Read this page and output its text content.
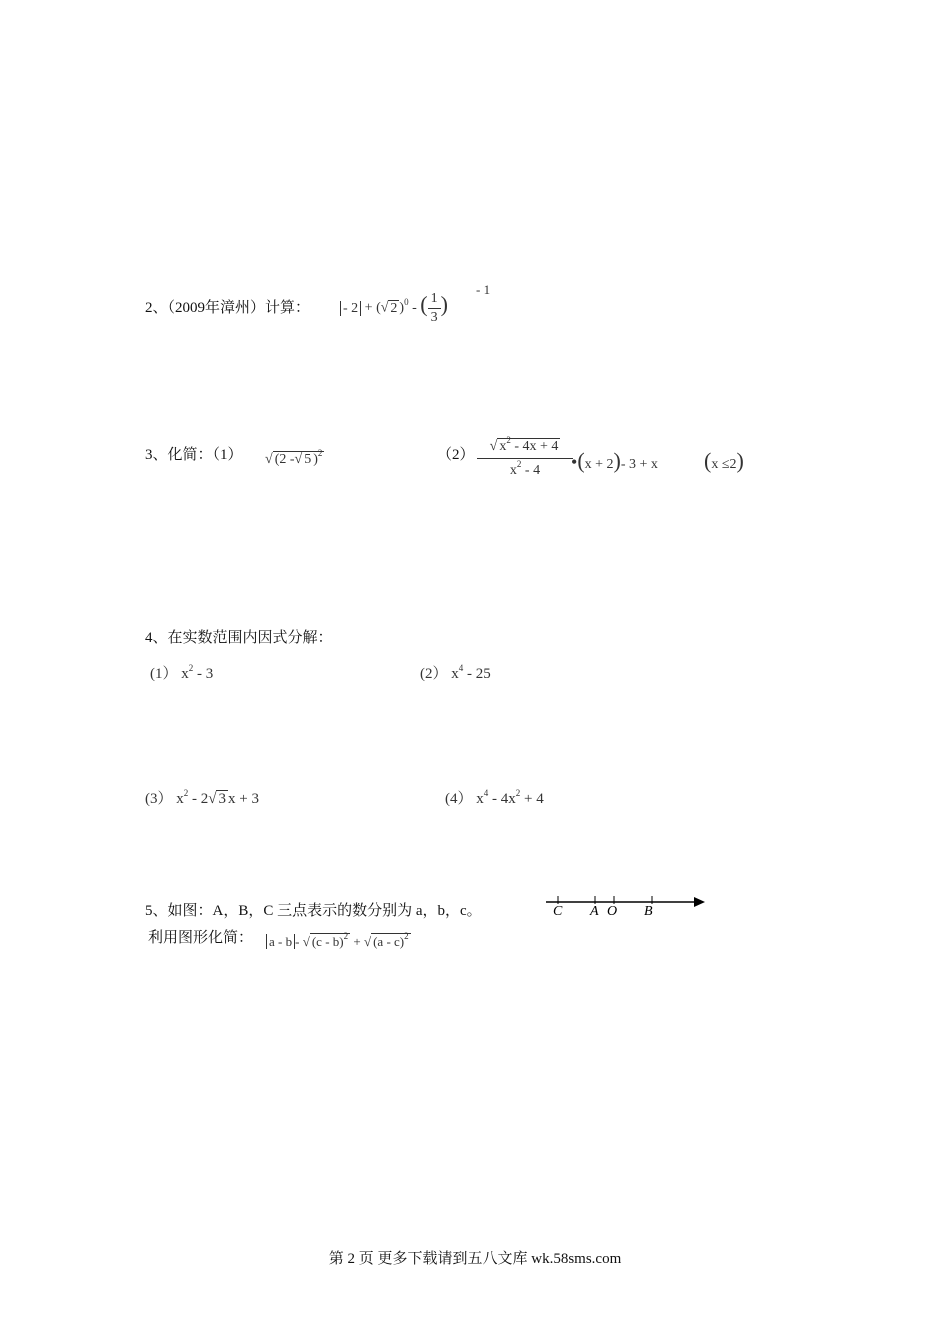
2、（2009年漳州）计算： - 2 + (√ 2 )$^0$ - ( $\frac{1}{3}$ )
- 1
3、化简：（1） √ (2 -√ 5 )$^2$	$(2) \frac{√ x^2 - 4x + 4}{x^2 - 4}$
•(x + 2)- 3 + x (x ≤2)
4、在实数范围内因式分解：
(1） $x^2 - 3$	(2） $x^4 - 25$
(3） $x^2 - 2√$ 3 x + 3	(4） $x^4 - 4x^2 + 4$
5、如图：A，B，C 三点表示的数分别为 a，b，c。
利用图形化简： a - b - √ (c - b)$^2$ + √ (a - c)$^2$
C A O B
第 2 页 更多下载请到五八文库 wk.58sms.com
